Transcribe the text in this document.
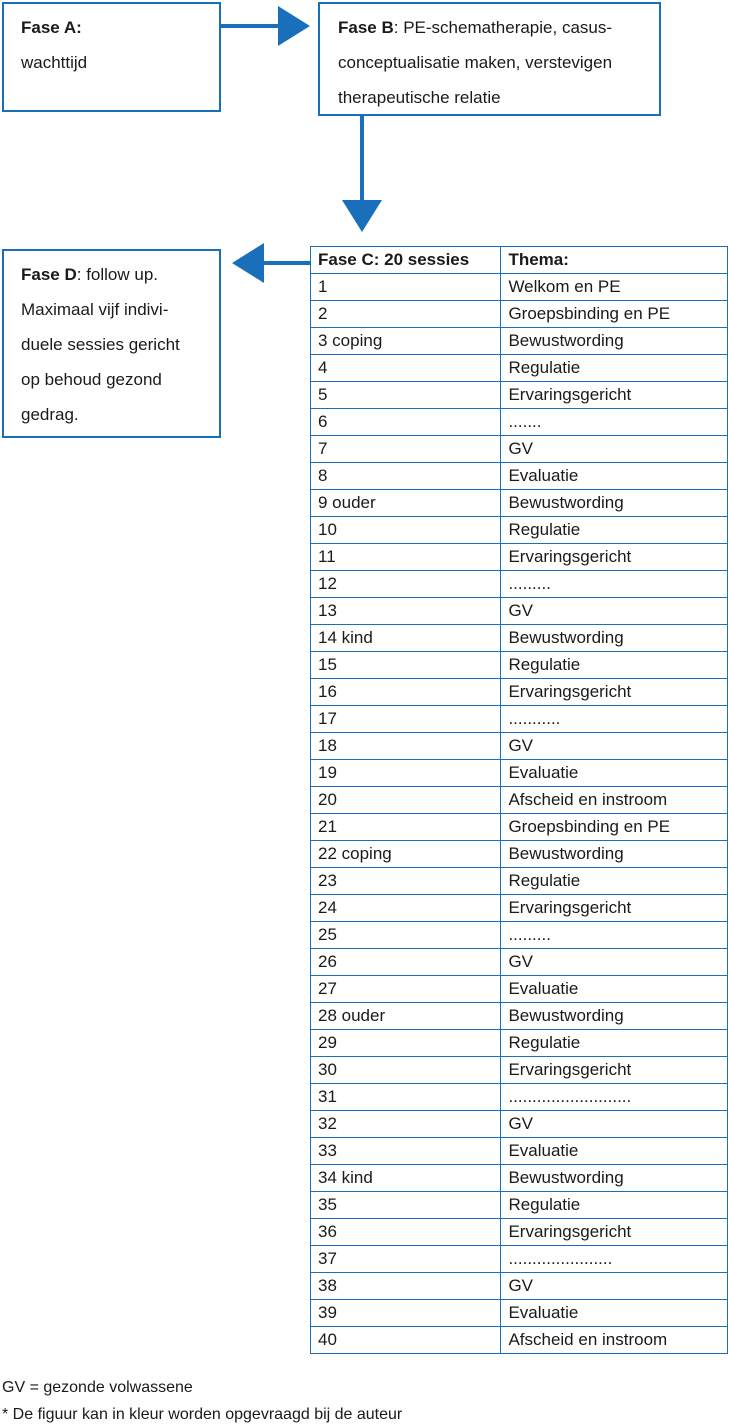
Fase A:
wachttijd
Fase B: PE-schematherapie, casus-
conceptualisatie maken, verstevigen
therapeutische relatie
Fase D: follow up.
Maximaal vijf indivi-
duele sessies gericht
op behoud gezond
gedrag.
Fase C: 20 sessies	Thema:
1	Welkom en PE
2	Groepsbinding en PE
3 coping	Bewustwording
4	Regulatie
5	Ervaringsgericht
6	.......
7	GV
8	Evaluatie
9 ouder	Bewustwording
10	Regulatie
11	Ervaringsgericht
12	.........
13	GV
14 kind	Bewustwording
15	Regulatie
16	Ervaringsgericht
17	...........
18	GV
19	Evaluatie
20	Afscheid en instroom
21	Groepsbinding en PE
22 coping	Bewustwording
23	Regulatie
24	Ervaringsgericht
25	.........
26	GV
27	Evaluatie
28 ouder	Bewustwording
29	Regulatie
30	Ervaringsgericht
31	..........................
32	GV
33	Evaluatie
34 kind	Bewustwording
35	Regulatie
36	Ervaringsgericht
37	......................
38	GV
39	Evaluatie
40	Afscheid en instroom
GV = gezonde volwassene
* De figuur kan in kleur worden opgevraagd bij de auteur
